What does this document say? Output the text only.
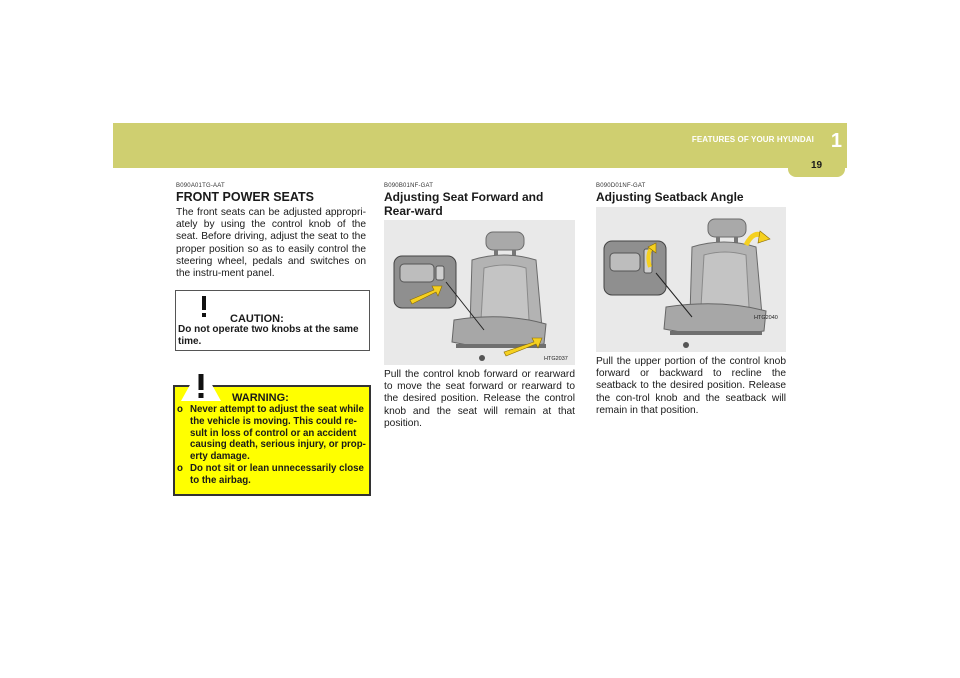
FEATURES OF YOUR HYUNDAI 1
19
B090A01TG-AAT
FRONT POWER SEATS
The front seats can be adjusted appropri-ately by using the control knob of the seat. Before driving, adjust the seat to the proper position so as to easily control the steering wheel, pedals and switches on the instru-ment panel.
CAUTION:
Do not operate two knobs at the same time.
WARNING:
o Never attempt to adjust the seat while the vehicle is moving. This could re-sult in loss of control or an accident causing death, serious injury, or prop-erty damage.
o Do not sit or lean unnecessarily close to the airbag.
B090B01NF-GAT
Adjusting Seat Forward and Rear-ward
HTG2037
Pull the control knob forward or rearward to move the seat forward or rearward to the desired position. Release the control knob and the seat will remain at that position.
B090D01NF-GAT
Adjusting Seatback Angle
HTG2040
Pull the upper portion of the control knob forward or backward to recline the seatback to the desired position. Release the con-trol knob and the seatback will remain in that position.
